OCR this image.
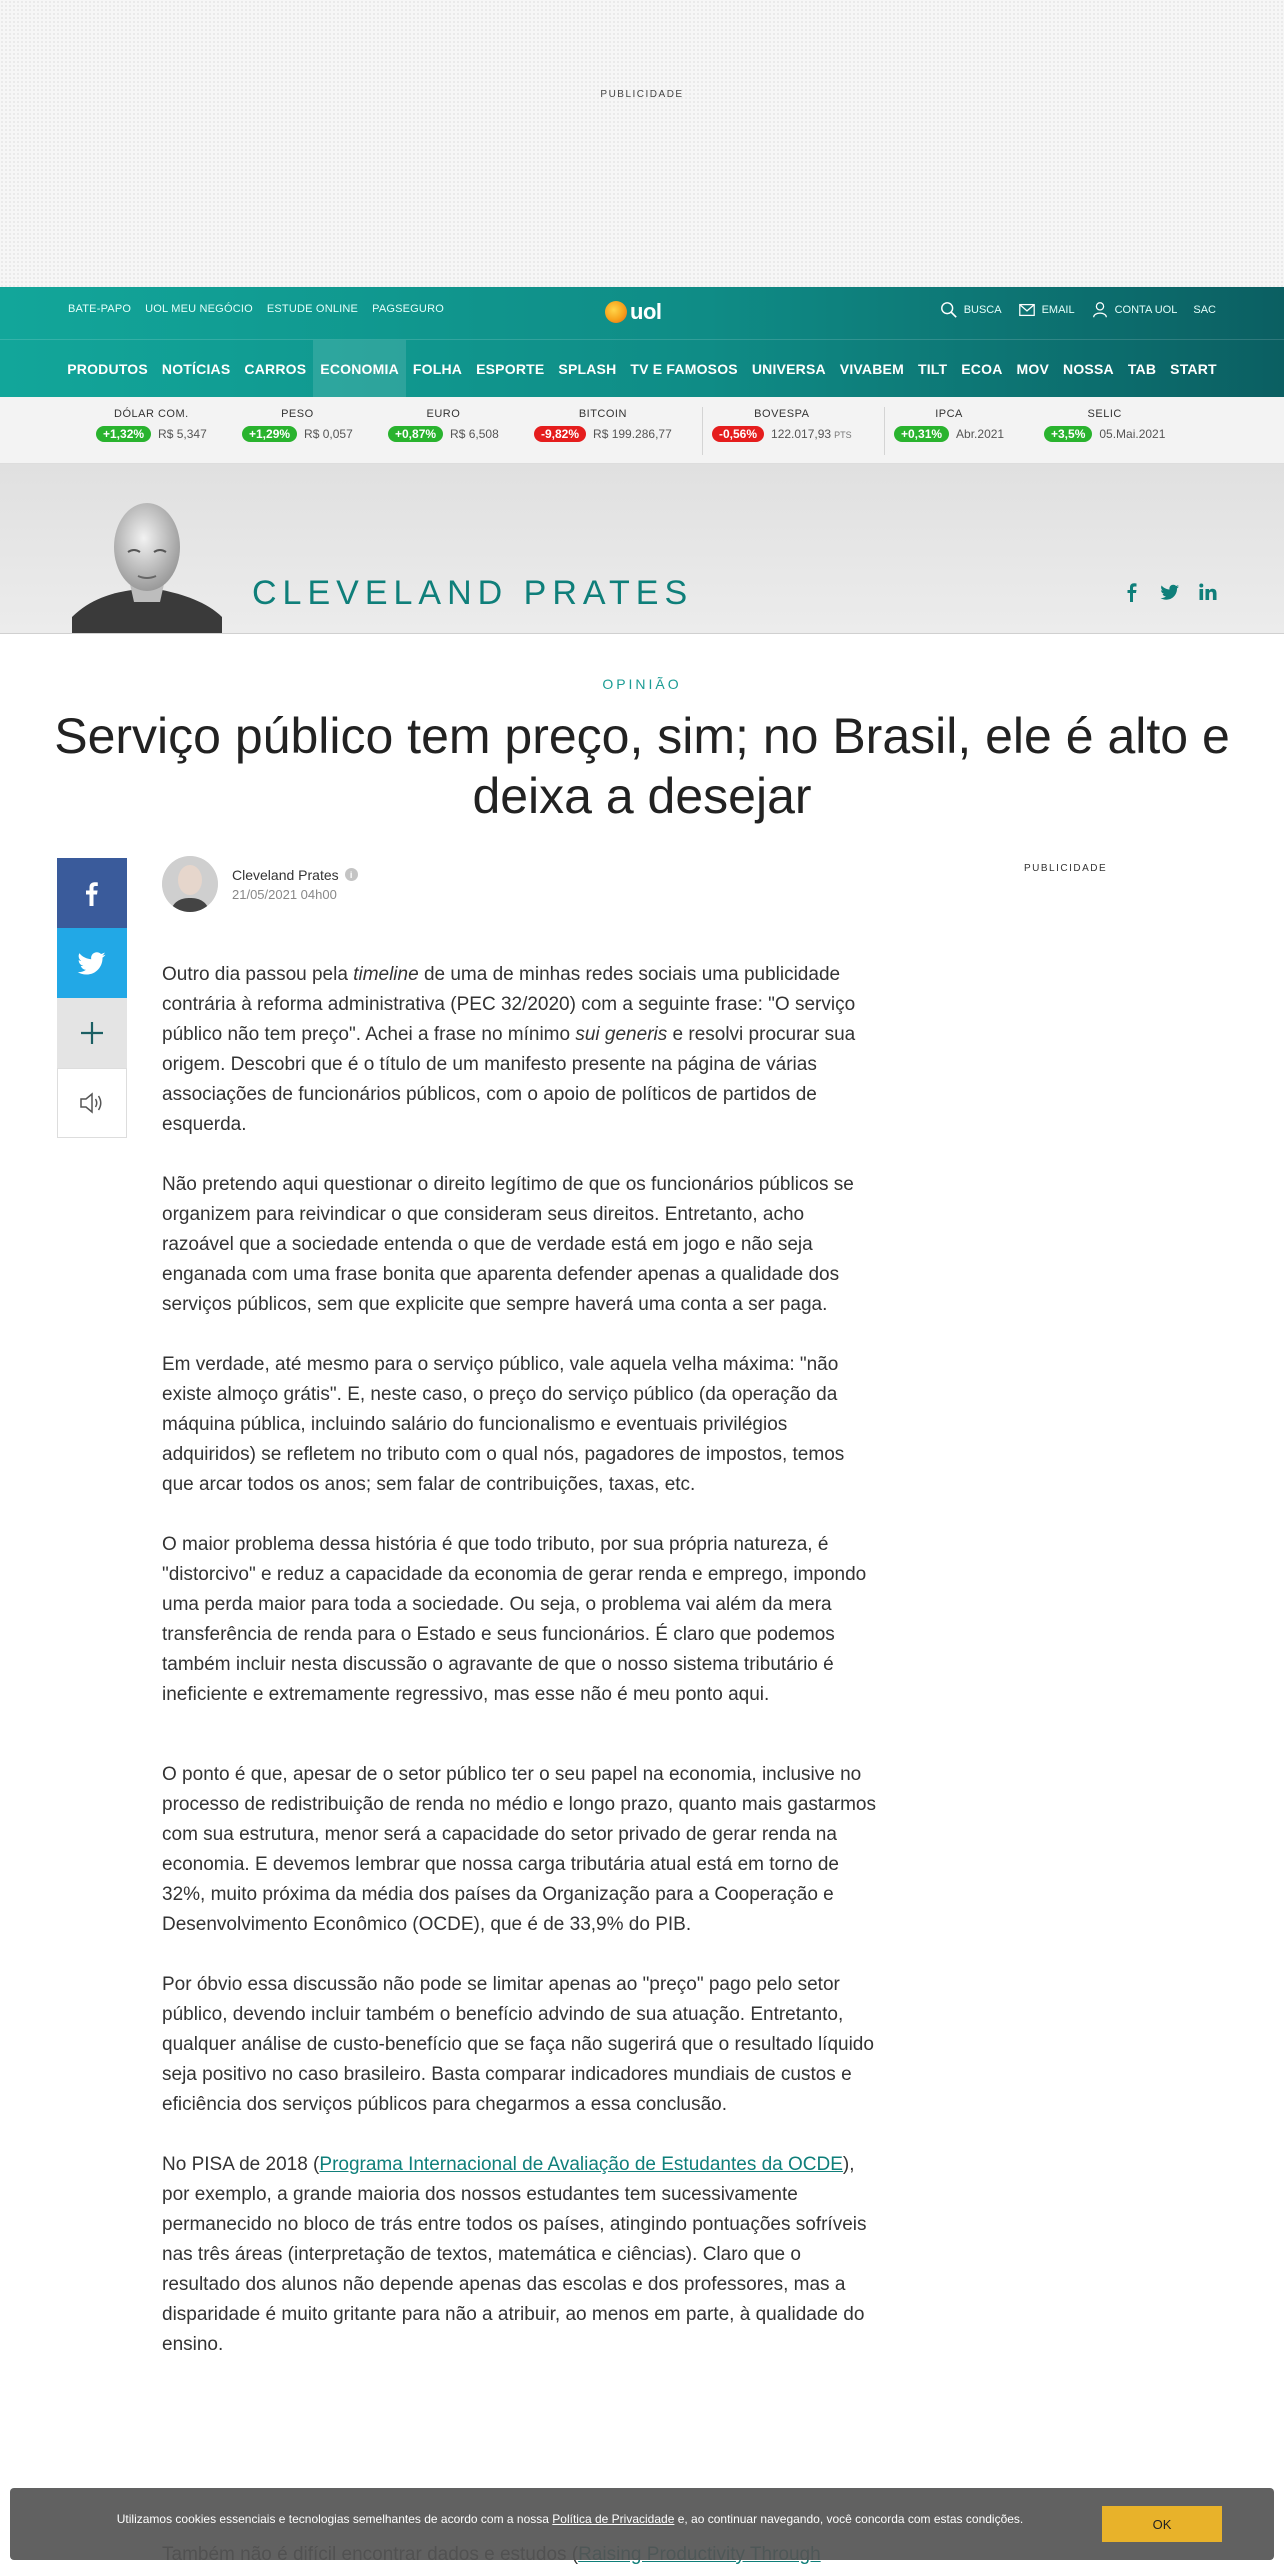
PUBLICIDADE
BATE-PAPO UOL MEU NEGÓCIO ESTUDE ONLINE PAGSEGURO	uol	BUSCA	EMAIL	CONTA UOL SAC
PRODUTOS	NOTÍCIAS	CARROS	ECONOMIA	FOLHA	ESPORTE	SPLASH	TV E FAMOSOS	UNIVERSA	VIVABEM	TILT	ECOA	MOV	NOSSA	TAB	START
DÓLAR COM.
+1,32%	R$ 5,347
PESO
+1,29%	R$ 0,057
EURO
+0,87%	R$ 6,508
BITCOIN
-9,82%	R$ 199.286,77
BOVESPA
-0,56%	122.017,93 PTS
IPCA
+0,31%	Abr.2021
SELIC
+3,5%	05.Mai.2021
CLEVELAND PRATES
OPINIÃO
Serviço público tem preço, sim; no Brasil, ele é alto e deixa a desejar
Cleveland Prates	i
21/05/2021 04h00
PUBLICIDADE

Outro dia passou pela timeline de uma de minhas redes sociais uma publicidade contrária à reforma administrativa (PEC 32/2020) com a seguinte frase: "O serviço público não tem preço". Achei a frase no mínimo sui generis e resolvi procurar sua origem. Descobri que é o título de um manifesto presente na página de várias associações de funcionários públicos, com o apoio de políticos de partidos de esquerda.

Não pretendo aqui questionar o direito legítimo de que os funcionários públicos se organizem para reivindicar o que consideram seus direitos. Entretanto, acho razoável que a sociedade entenda o que de verdade está em jogo e não seja enganada com uma frase bonita que aparenta defender apenas a qualidade dos serviços públicos, sem que explicite que sempre haverá uma conta a ser paga.

Em verdade, até mesmo para o serviço público, vale aquela velha máxima: "não existe almoço grátis". E, neste caso, o preço do serviço público (da operação da máquina pública, incluindo salário do funcionalismo e eventuais privilégios adquiridos) se refletem no tributo com o qual nós, pagadores de impostos, temos que arcar todos os anos; sem falar de contribuições, taxas, etc.

O maior problema dessa história é que todo tributo, por sua própria natureza, é "distorcivo" e reduz a capacidade da economia de gerar renda e emprego, impondo uma perda maior para toda a sociedade. Ou seja, o problema vai além da mera transferência de renda para o Estado e seus funcionários. É claro que podemos também incluir nesta discussão o agravante de que o nosso sistema tributário é ineficiente e extremamente regressivo, mas esse não é meu ponto aqui.

O ponto é que, apesar de o setor público ter o seu papel na economia, inclusive no processo de redistribuição de renda no médio e longo prazo, quanto mais gastarmos com sua estrutura, menor será a capacidade do setor privado de gerar renda na economia. E devemos lembrar que nossa carga tributária atual está em torno de 32%, muito próxima da média dos países da Organização para a Cooperação e Desenvolvimento Econômico (OCDE), que é de 33,9% do PIB.

Por óbvio essa discussão não pode se limitar apenas ao "preço" pago pelo setor público, devendo incluir também o benefício advindo de sua atuação. Entretanto, qualquer análise de custo-benefício que se faça não sugerirá que o resultado líquido seja positivo no caso brasileiro. Basta comparar indicadores mundiais de custos e eficiência dos serviços públicos para chegarmos a essa conclusão.

No PISA de 2018 (Programa Internacional de Avaliação de Estudantes da OCDE), por exemplo, a grande maioria dos nossos estudantes tem sucessivamente permanecido no bloco de trás entre todos os países, atingindo pontuações sofríveis nas três áreas (interpretação de textos, matemática e ciências). Claro que o resultado dos alunos não depende apenas das escolas e dos professores, mas a disparidade é muito gritante para não a atribuir, ao menos em parte, à qualidade do ensino.

Utilizamos cookies essenciais e tecnologias semelhantes de acordo com a nossa Política de Privacidade e, ao continuar navegando, você concorda com estas condições.	OK
